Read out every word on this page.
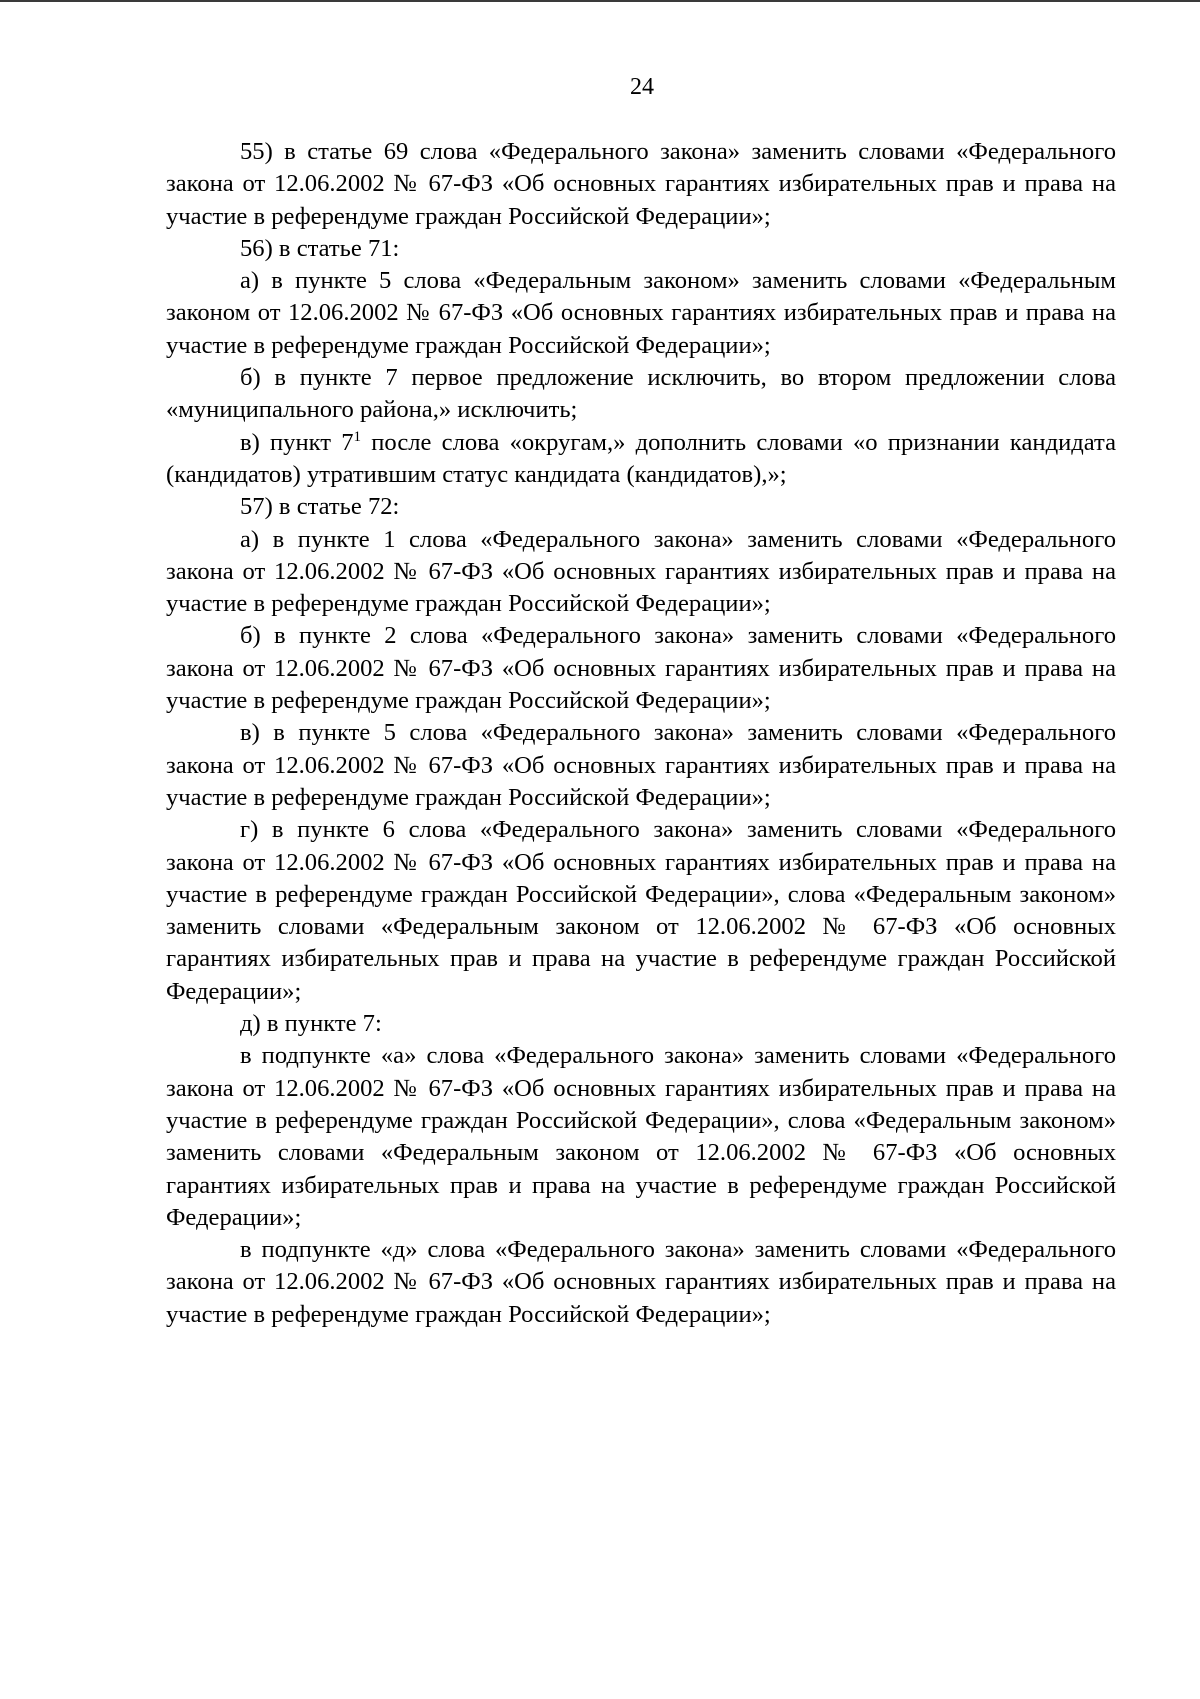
24

55) в статье 69 слова «Федерального закона» заменить словами «Федерального закона от 12.06.2002 № 67-ФЗ «Об основных гарантиях избирательных прав и права на участие в референдуме граждан Российской Федерации»;

56) в статье 71:

а) в пункте 5 слова «Федеральным законом» заменить словами «Федеральным законом от 12.06.2002 № 67-ФЗ «Об основных гарантиях избирательных прав и права на участие в референдуме граждан Российской Федерации»;

б) в пункте 7 первое предложение исключить, во втором предложении слова «муниципального района,» исключить;

в) пункт $7^1$ после слова «округам,» дополнить словами «о признании кандидата (кандидатов) утратившим статус кандидата (кандидатов),»;

57) в статье 72:

а) в пункте 1 слова «Федерального закона» заменить словами «Федерального закона от 12.06.2002 № 67-ФЗ «Об основных гарантиях избирательных прав и права на участие в референдуме граждан Российской Федерации»;

б) в пункте 2 слова «Федерального закона» заменить словами «Федерального закона от 12.06.2002 № 67-ФЗ «Об основных гарантиях избирательных прав и права на участие в референдуме граждан Российской Федерации»;

в) в пункте 5 слова «Федерального закона» заменить словами «Федерального закона от 12.06.2002 № 67-ФЗ «Об основных гарантиях избирательных прав и права на участие в референдуме граждан Российской Федерации»;

г) в пункте 6 слова «Федерального закона» заменить словами «Федерального закона от 12.06.2002 № 67-ФЗ «Об основных гарантиях избирательных прав и права на участие в референдуме граждан Российской Федерации», слова «Федеральным законом» заменить словами «Федеральным законом от 12.06.2002 № 67-ФЗ «Об основных гарантиях избирательных прав и права на участие в референдуме граждан Российской Федерации»;

д) в пункте 7:

в подпункте «а» слова «Федерального закона» заменить словами «Федерального закона от 12.06.2002 № 67-ФЗ «Об основных гарантиях избирательных прав и права на участие в референдуме граждан Российской Федерации», слова «Федеральным законом» заменить словами «Федеральным законом от 12.06.2002 № 67-ФЗ «Об основных гарантиях избирательных прав и права на участие в референдуме граждан Российской Федерации»;

в подпункте «д» слова «Федерального закона» заменить словами «Федерального закона от 12.06.2002 № 67-ФЗ «Об основных гарантиях избирательных прав и права на участие в референдуме граждан Российской Федерации»;
